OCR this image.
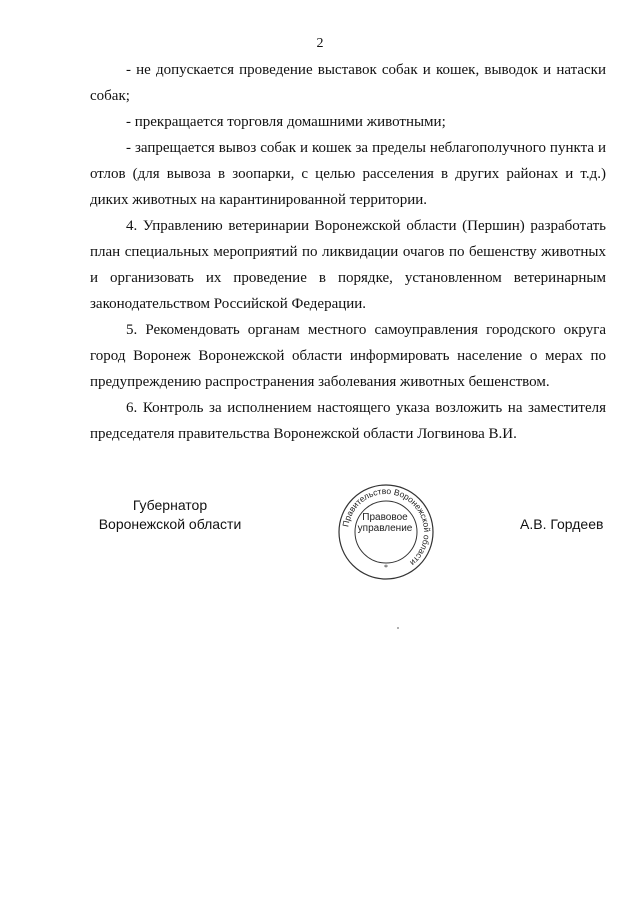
2

- не допускается проведение выставок собак и кошек, выводок и натаски собак;

- прекращается торговля домашними животными;

- запрещается вывоз собак и кошек за пределы неблагополучного пункта и отлов (для вывоза в зоопарки, с целью расселения в других районах и т.д.) диких животных на карантинированной территории.

4. Управлению ветеринарии Воронежской области (Першин) разработать план специальных мероприятий по ликвидации очагов по бешенству животных и организовать их проведение в порядке, установленном ветеринарным законодательством Российской Федерации.

5. Рекомендовать органам местного самоуправления городского округа город Воронеж Воронежской области информировать население о мерах по предупреждению распространения заболевания животных бешенством.

6. Контроль за исполнением настоящего указа возложить на заместителя председателя правительства Воронежской области Логвинова В.И.

Губернатор
Воронежской области	Правительство Воронежской области
*
Правовое
управление	А.В. Гордеев
